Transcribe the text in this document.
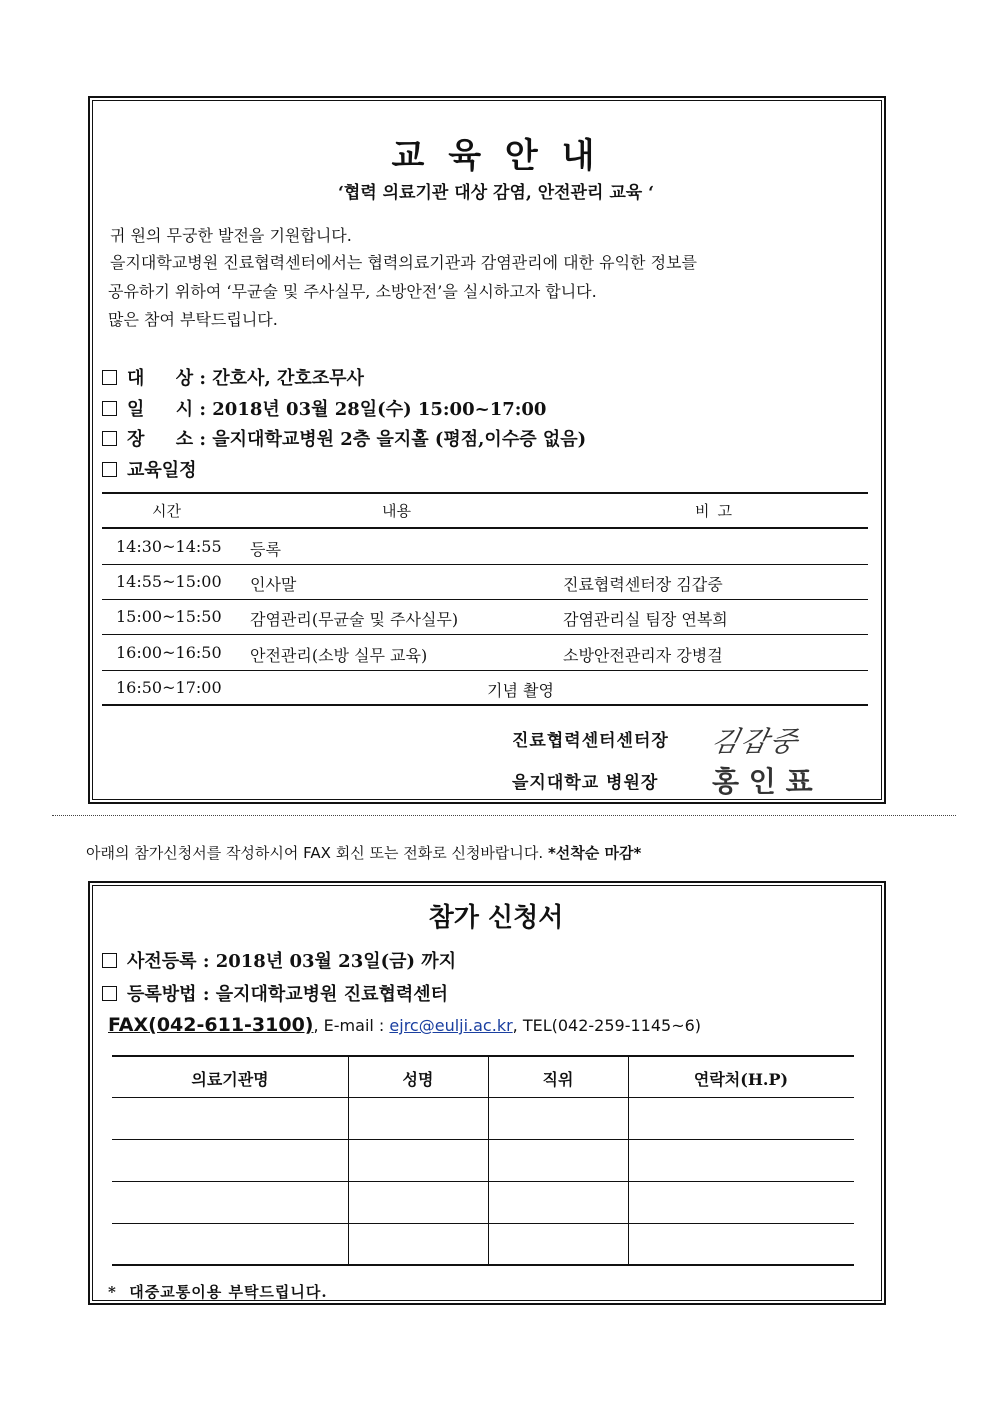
교 육 안 내
‘협력 의료기관 대상 감염, 안전관리 교육 ‘
귀 원의 무궁한 발전을 기원합니다.
을지대학교병원 진료협력센터에서는 협력의료기관과 감염관리에 대한 유익한 정보를
공유하기 위하여 ‘무균술 및 주사실무, 소방안전’을 실시하고자 합니다.
많은 참여 부탁드립니다.
대     상 : 간호사, 간호조무사
일     시 : 2018년 03월 28일(수) 15:00~17:00
장     소 : 을지대학교병원 2층 을지홀 (평점,이수증 없음)
교육일정
시간	내용	비고
14:30~14:55 등록
14:55~15:00 인사말	진료협력센터장 김갑중
15:00~15:50 감염관리(무균술 및 주사실무)	감염관리실 팀장 연복희
16:00~16:50 안전관리(소방 실무 교육)	소방안전관리자 강병걸
16:50~17:00	기념 촬영
진료협력센터센터장 김갑중
을지대학교 병원장 홍 인 표
아래의 참가신청서를 작성하시어 FAX 회신 또는 전화로 신청바랍니다. *선착순 마감*
참가 신청서
사전등록 : 2018년 03월 23일(금) 까지
등록방법 : 을지대학교병원 진료협력센터
FAX(042-611-3100), E-mail : ejrc@eulji.ac.kr, TEL(042-259-1145~6)
의료기관명	성명	직위	연락처(H.P)
*  대중교통이용 부탁드립니다.
